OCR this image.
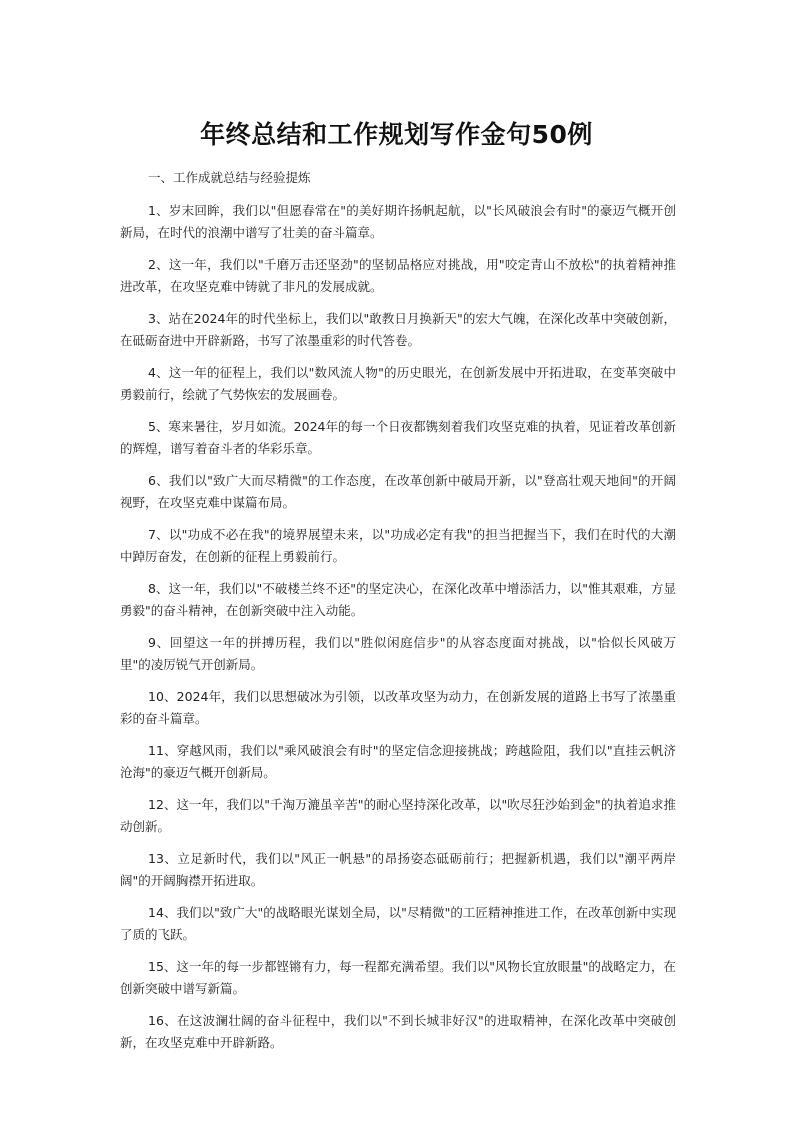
年终总结和工作规划写作金句50例

一、工作成就总结与经验提炼

1、岁末回眸，我们以"但愿春常在"的美好期许扬帆起航，以"长风破浪会有时"的豪迈气概开创新局，在时代的浪潮中谱写了壮美的奋斗篇章。

2、这一年，我们以"千磨万击还坚劲"的坚韧品格应对挑战，用"咬定青山不放松"的执着精神推进改革，在攻坚克难中铸就了非凡的发展成就。

3、站在2024年的时代坐标上，我们以"敢教日月换新天"的宏大气魄，在深化改革中突破创新，在砥砺奋进中开辟新路，书写了浓墨重彩的时代答卷。

4、这一年的征程上，我们以"数风流人物"的历史眼光，在创新发展中开拓进取，在变革突破中勇毅前行，绘就了气势恢宏的发展画卷。

5、寒来暑往，岁月如流。2024年的每一个日夜都镌刻着我们攻坚克难的执着，见证着改革创新的辉煌，谱写着奋斗者的华彩乐章。

6、我们以"致广大而尽精微"的工作态度，在改革创新中破局开新，以"登高壮观天地间"的开阔视野，在攻坚克难中谋篇布局。

7、以"功成不必在我"的境界展望未来，以"功成必定有我"的担当把握当下，我们在时代的大潮中踔厉奋发，在创新的征程上勇毅前行。

8、这一年，我们以"不破楼兰终不还"的坚定决心，在深化改革中增添活力，以"惟其艰难，方显勇毅"的奋斗精神，在创新突破中注入动能。

9、回望这一年的拼搏历程，我们以"胜似闲庭信步"的从容态度面对挑战，以"恰似长风破万里"的凌厉锐气开创新局。

10、2024年，我们以思想破冰为引领，以改革攻坚为动力，在创新发展的道路上书写了浓墨重彩的奋斗篇章。

11、穿越风雨，我们以"乘风破浪会有时"的坚定信念迎接挑战；跨越险阻，我们以"直挂云帆济沧海"的豪迈气概开创新局。

12、这一年，我们以"千淘万漉虽辛苦"的耐心坚持深化改革，以"吹尽狂沙始到金"的执着追求推动创新。

13、立足新时代，我们以"风正一帆悬"的昂扬姿态砥砺前行；把握新机遇，我们以"潮平两岸阔"的开阔胸襟开拓进取。

14、我们以"致广大"的战略眼光谋划全局，以"尽精微"的工匠精神推进工作，在改革创新中实现了质的飞跃。

15、这一年的每一步都铿锵有力，每一程都充满希望。我们以"风物长宜放眼量"的战略定力，在创新突破中谱写新篇。

16、在这波澜壮阔的奋斗征程中，我们以"不到长城非好汉"的进取精神，在深化改革中突破创新，在攻坚克难中开辟新路。
